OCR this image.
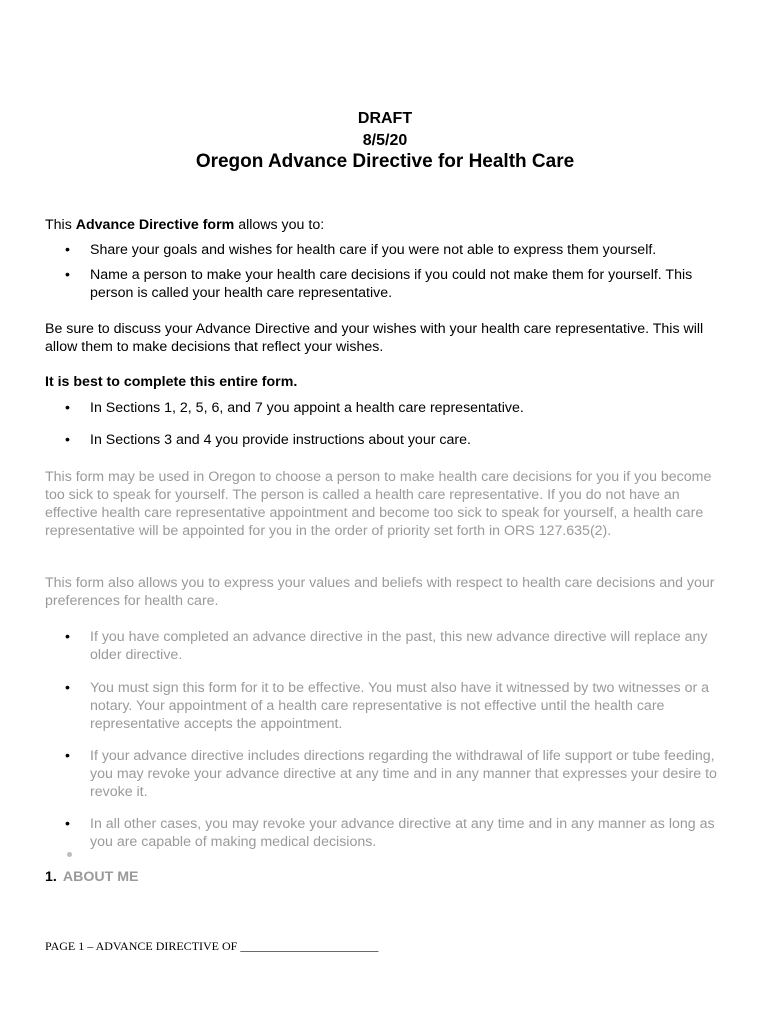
DRAFT
8/5/20
Oregon Advance Directive for Health Care
This Advance Directive form allows you to:
•	Share your goals and wishes for health care if you were not able to express them yourself.
•	Name a person to make your health care decisions if you could not make them for yourself. This person is called your health care representative.
Be sure to discuss your Advance Directive and your wishes with your health care representative. This will allow them to make decisions that reflect your wishes.
It is best to complete this entire form.
•	In Sections 1, 2, 5, 6, and 7 you appoint a health care representative.
•	In Sections 3 and 4 you provide instructions about your care.
This form may be used in Oregon to choose a person to make health care decisions for you if you become too sick to speak for yourself. The person is called a health care representative. If you do not have an effective health care representative appointment and become too sick to speak for yourself, a health care representative will be appointed for you in the order of priority set forth in ORS 127.635(2).
This form also allows you to express your values and beliefs with respect to health care decisions and your preferences for health care.
•	If you have completed an advance directive in the past, this new advance directive will replace any older directive.
•	You must sign this form for it to be effective. You must also have it witnessed by two witnesses or a notary. Your appointment of a health care representative is not effective until the health care representative accepts the appointment.
•	If your advance directive includes directions regarding the withdrawal of life support or tube feeding, you may revoke your advance directive at any time and in any manner that expresses your desire to revoke it.
•	In all other cases, you may revoke your advance directive at any time and in any manner as long as you are capable of making medical decisions.
1. ABOUT ME
PAGE 1 – ADVANCE DIRECTIVE OF _______________________
